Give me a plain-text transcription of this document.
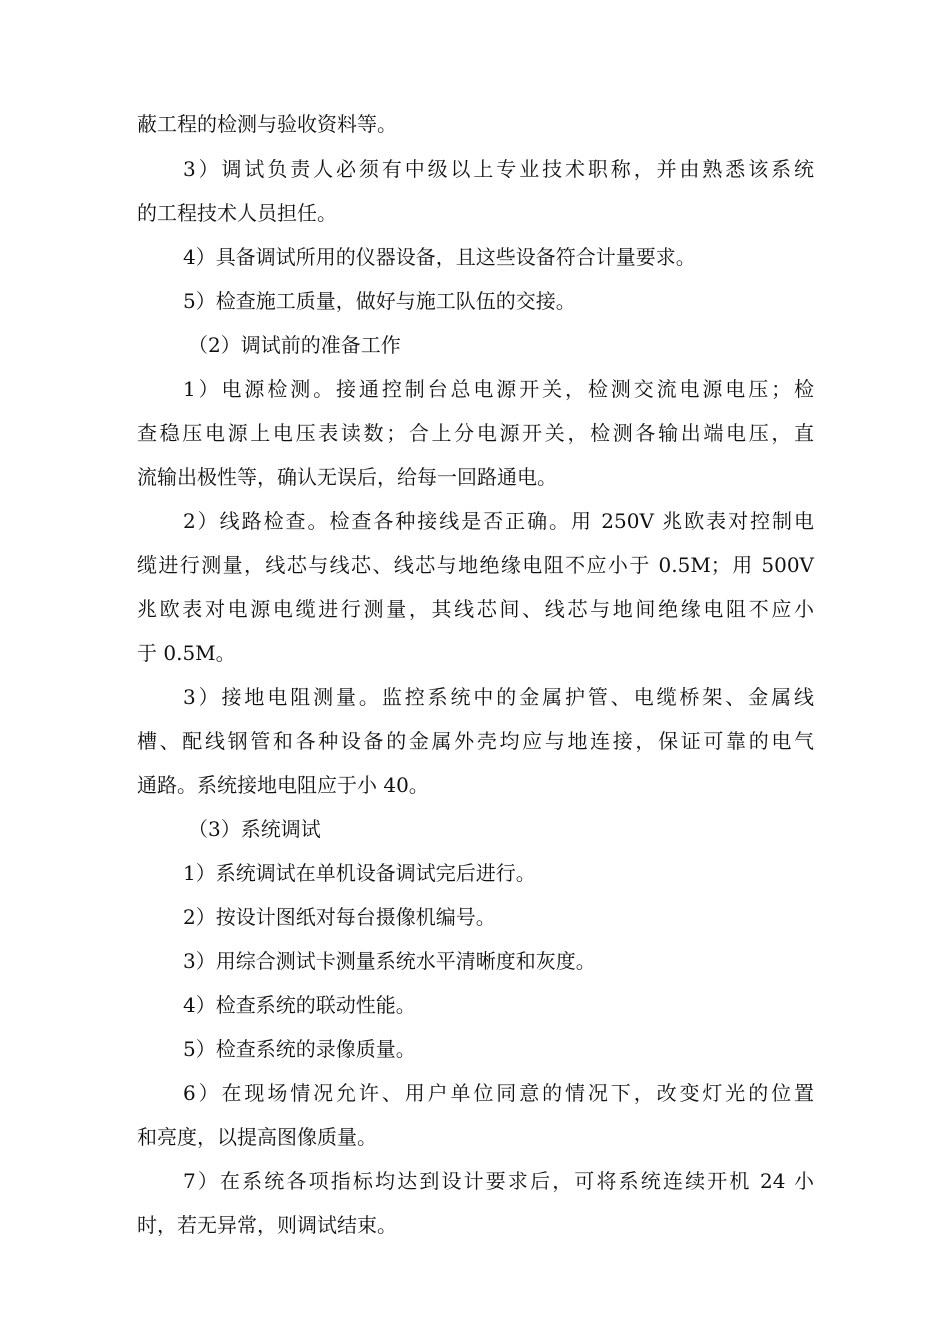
蔽工程的检测与验收资料等。
3）调试负责人必须有中级以上专业技术职称，并由熟悉该系统
的工程技术人员担任。
4）具备调试所用的仪器设备，且这些设备符合计量要求。
5）检查施工质量，做好与施工队伍的交接。
（2）调试前的准备工作
1）电源检测。接通控制台总电源开关，检测交流电源电压；检
查稳压电源上电压表读数；合上分电源开关，检测各输出端电压，直
流输出极性等，确认无误后，给每一回路通电。
2）线路检查。检查各种接线是否正确。用 250V 兆欧表对控制电
缆进行测量，线芯与线芯、线芯与地绝缘电阻不应小于 0.5M；用 500V
兆欧表对电源电缆进行测量，其线芯间、线芯与地间绝缘电阻不应小
于 0.5M。
3）接地电阻测量。监控系统中的金属护管、电缆桥架、金属线
槽、配线钢管和各种设备的金属外壳均应与地连接，保证可靠的电气
通路。系统接地电阻应于小 40。
（3）系统调试
1）系统调试在单机设备调试完后进行。
2）按设计图纸对每台摄像机编号。
3）用综合测试卡测量系统水平清晰度和灰度。
4）检查系统的联动性能。
5）检查系统的录像质量。
6）在现场情况允许、用户单位同意的情况下，改变灯光的位置
和亮度，以提高图像质量。
7）在系统各项指标均达到设计要求后，可将系统连续开机 24 小
时，若无异常，则调试结束。
